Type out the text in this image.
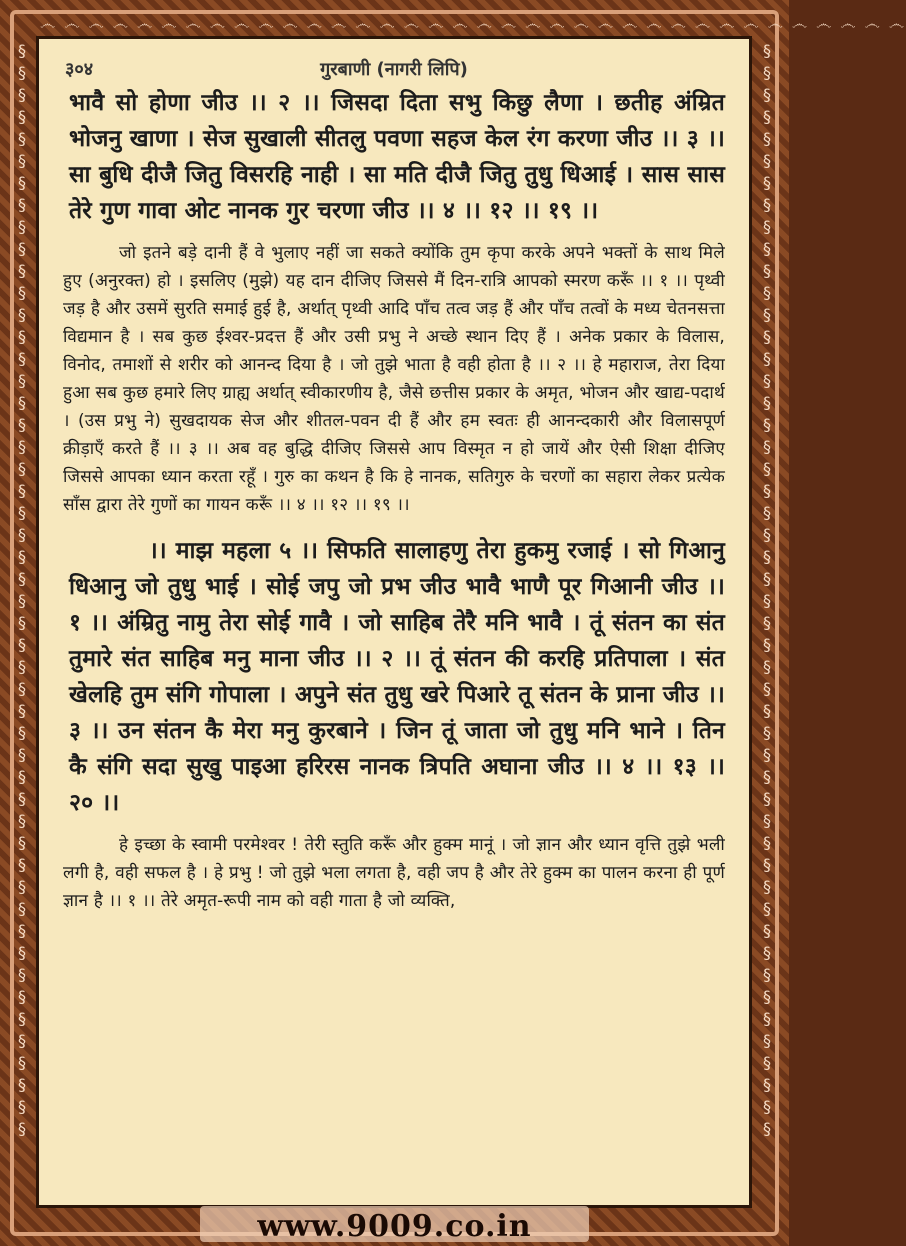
෴ ෴ ෴ ෴ ෴ ෴ ෴ ෴ ෴ ෴ ෴ ෴ ෴ ෴ ෴ ෴ ෴ ෴ ෴ ෴ ෴ ෴ ෴ ෴ ෴ ෴ ෴ ෴ ෴ ෴ ෴ ෴ ෴ ෴ ෴ ෴
§
§
§
§
§
§
§
§
§
§
§
§
§
§
§
§
§
§
§
§
§
§
§
§
§
§
§
§
§
§
§
§
§
§
§
§
§
§
§
§
§
§
§
§
§
§
§
§
§
§
§
§
§
§
§
§
§
§
§
§
§
§
§
§
§
§
§
§
§
§
§
§
§
§
§
§
§
§
§
§
§
§
§
§
§
§
§
§
§
§
§
§
§
§
§
§
§
§
§
§
३०४	गुरबाणी (नागरी लिपि)
भावै सो होणा जीउ ।। २ ।। जिसदा दिता सभु किछु लैणा । छतीह अंम्रित भोजनु खाणा । सेज सुखाली सीतलु पवणा सहज केल रंग करणा जीउ ।। ३ ।। सा बुधि दीजै जितु विसरहि नाही । सा मति दीजै जितु तुधु धिआई । सास सास तेरे गुण गावा ओट नानक गुर चरणा जीउ ।। ४ ।। १२ ।। १९ ।।
जो इतने बड़े दानी हैं वे भुलाए नहीं जा सकते क्योंकि तुम कृपा करके अपने भक्तों के साथ मिले हुए (अनुरक्त) हो । इसलिए (मुझे) यह दान दीजिए जिससे मैं दिन-रात्रि आपको स्मरण करूँ ।। १ ।। पृथ्वी जड़ है और उसमें सुरति समाई हुई है, अर्थात् पृथ्वी आदि पाँच तत्व जड़ हैं और पाँच तत्वों के मध्य चेतनसत्ता विद्यमान है । सब कुछ ईश्वर-प्रदत्त हैं और उसी प्रभु ने अच्छे स्थान दिए हैं । अनेक प्रकार के विलास, विनोद, तमाशों से शरीर को आनन्द दिया है । जो तुझे भाता है वही होता है ।। २ ।। हे महाराज, तेरा दिया हुआ सब कुछ हमारे लिए ग्राह्य अर्थात् स्वीकारणीय है, जैसे छत्तीस प्रकार के अमृत, भोजन और खाद्य-पदार्थ । (उस प्रभु ने) सुखदायक सेज और शीतल-पवन दी हैं और हम स्वतः ही आनन्दकारी और विलासपूर्ण क्रीड़ाएँ करते हैं ।। ३ ।। अब वह बुद्धि दीजिए जिससे आप विस्मृत न हो जायें और ऐसी शिक्षा दीजिए जिससे आपका ध्यान करता रहूँ । गुरु का कथन है कि हे नानक, सतिगुरु के चरणों का सहारा लेकर प्रत्येक साँस द्वारा तेरे गुणों का गायन करूँ ।। ४ ।। १२ ।। १९ ।।
।। माझ महला ५ ।। सिफति सालाहणु तेरा हुकमु रजाई । सो गिआनु धिआनु जो तुधु भाई । सोई जपु जो प्रभ जीउ भावै भाणै पूर गिआनी जीउ ।। १ ।। अंम्रितु नामु तेरा सोई गावै । जो साहिब तेरै मनि भावै । तूं संतन का संत तुमारे संत साहिब मनु माना जीउ ।। २ ।। तूं संतन की करहि प्रतिपाला । संत खेलहि तुम संगि गोपाला । अपुने संत तुधु खरे पिआरे तू संतन के प्राना जीउ ।। ३ ।। उन संतन कै मेरा मनु कुरबाने । जिन तूं जाता जो तुधु मनि भाने । तिन कै संगि सदा सुखु पाइआ हरिरस नानक त्रिपति अघाना जीउ ।। ४ ।। १३ ।। २० ।।
हे इच्छा के स्वामी परमेश्वर ! तेरी स्तुति करूँ और हुक्म मानूं । जो ज्ञान और ध्यान वृत्ति तुझे भली लगी है, वही सफल है । हे प्रभु ! जो तुझे भला लगता है, वही जप है और तेरे हुक्म का पालन करना ही पूर्ण ज्ञान है ।। १ ।। तेरे अमृत-रूपी नाम को वही गाता है जो व्यक्ति,
www.9009.co.in
